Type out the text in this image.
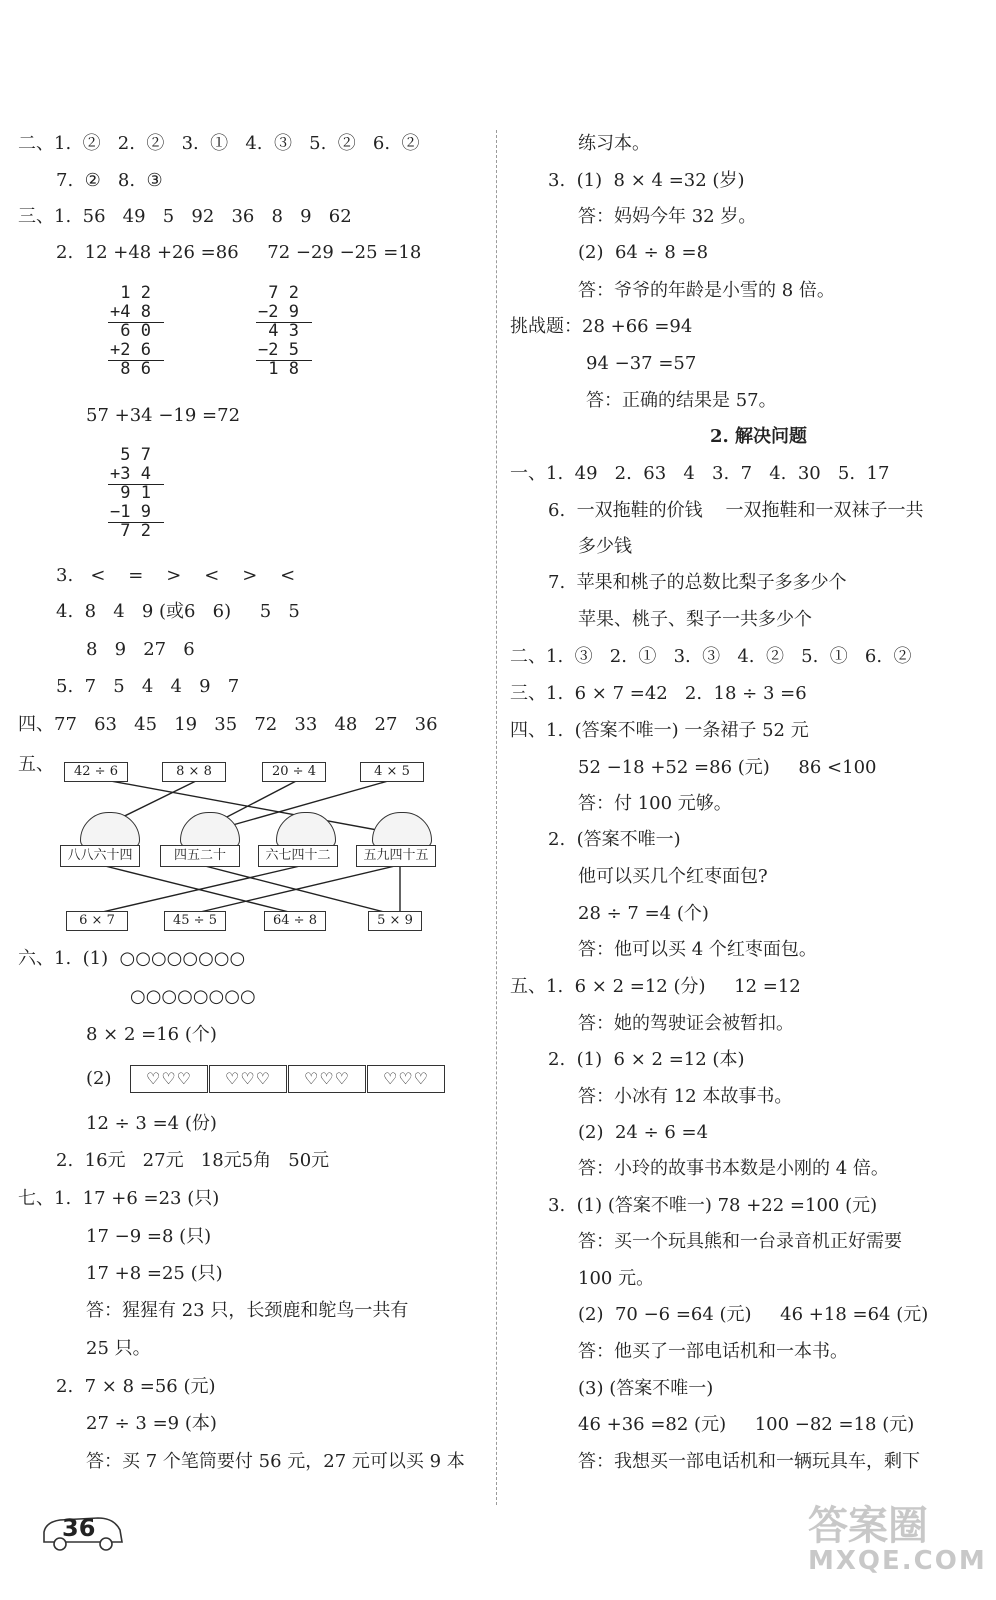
二、1.  ②   2.  ②   3.  ①   4.  ③   5.  ②   6.  ②
7.  ②   8.  ③
三、1.  56   49   5   92   36   8   9   62
2.  12 +48 +26 =86     72 −29 −25 =18
1 2
+4 8
6 0
+2 6
8 6
7 2
−2 9
4 3
−2 5
1 8
57 +34 −19 =72
5 7
+3 4
9 1
−1 9
7 2
3.   <    =    >    <    >    <
4.  8   4   9 (或6   6)     5   5
8   9   27   6
5.  7   5   4   4   9   7
四、77   63   45   19   35   72   33   48   27   36
五、	42 ÷ 6	8 × 8	20 ÷ 4	4 × 5
八八六十四	四五二十	六七四十二	五九四十五
6 × 7	45 ÷ 5	64 ÷ 8	5 × 9
六、1.  (1)  ○○○○○○○○
○○○○○○○○
8 × 2 =16 (个)
(2)	♡♡♡	♡♡♡	♡♡♡	♡♡♡
12 ÷ 3 =4 (份)
2.  16元   27元   18元5角   50元
七、1.  17 +6 =23 (只)
17 −9 =8 (只)
17 +8 =25 (只)
答：猩猩有 23 只，长颈鹿和鸵鸟一共有
25 只。
2.  7 × 8 =56 (元)
27 ÷ 3 =9 (本)
答：买 7 个笔筒要付 56 元，27 元可以买 9 本
36
练习本。
3.  (1)  8 × 4 =32 (岁)
答：妈妈今年 32 岁。
(2)  64 ÷ 8 =8
答：爷爷的年龄是小雪的 8 倍。
挑战题：28 +66 =94
94 −37 =57
答：正确的结果是 57。
2. 解决问题
一、1.  49   2.  63   4   3.  7   4.  30   5.  17
6.  一双拖鞋的价钱    一双拖鞋和一双袜子一共
多少钱
7.  苹果和桃子的总数比梨子多多少个
苹果、桃子、梨子一共多少个
二、1.  ③   2.  ①   3.  ③   4.  ②   5.  ①   6.  ②
三、1.  6 × 7 =42   2.  18 ÷ 3 =6
四、1.  (答案不唯一) 一条裙子 52 元
52 −18 +52 =86 (元)     86 <100
答：付 100 元够。
2.  (答案不唯一)
他可以买几个红枣面包?
28 ÷ 7 =4 (个)
答：他可以买 4 个红枣面包。
五、1.  6 × 2 =12 (分)     12 =12
答：她的驾驶证会被暂扣。
2.  (1)  6 × 2 =12 (本)
答：小冰有 12 本故事书。
(2)  24 ÷ 6 =4
答：小玲的故事书本数是小刚的 4 倍。
3.  (1) (答案不唯一) 78 +22 =100 (元)
答：买一个玩具熊和一台录音机正好需要
100 元。
(2)  70 −6 =64 (元)     46 +18 =64 (元)
答：他买了一部电话机和一本书。
(3) (答案不唯一)
46 +36 =82 (元)     100 −82 =18 (元)
答：我想买一部电话机和一辆玩具车，剩下
答案圈
MXQE.COM
